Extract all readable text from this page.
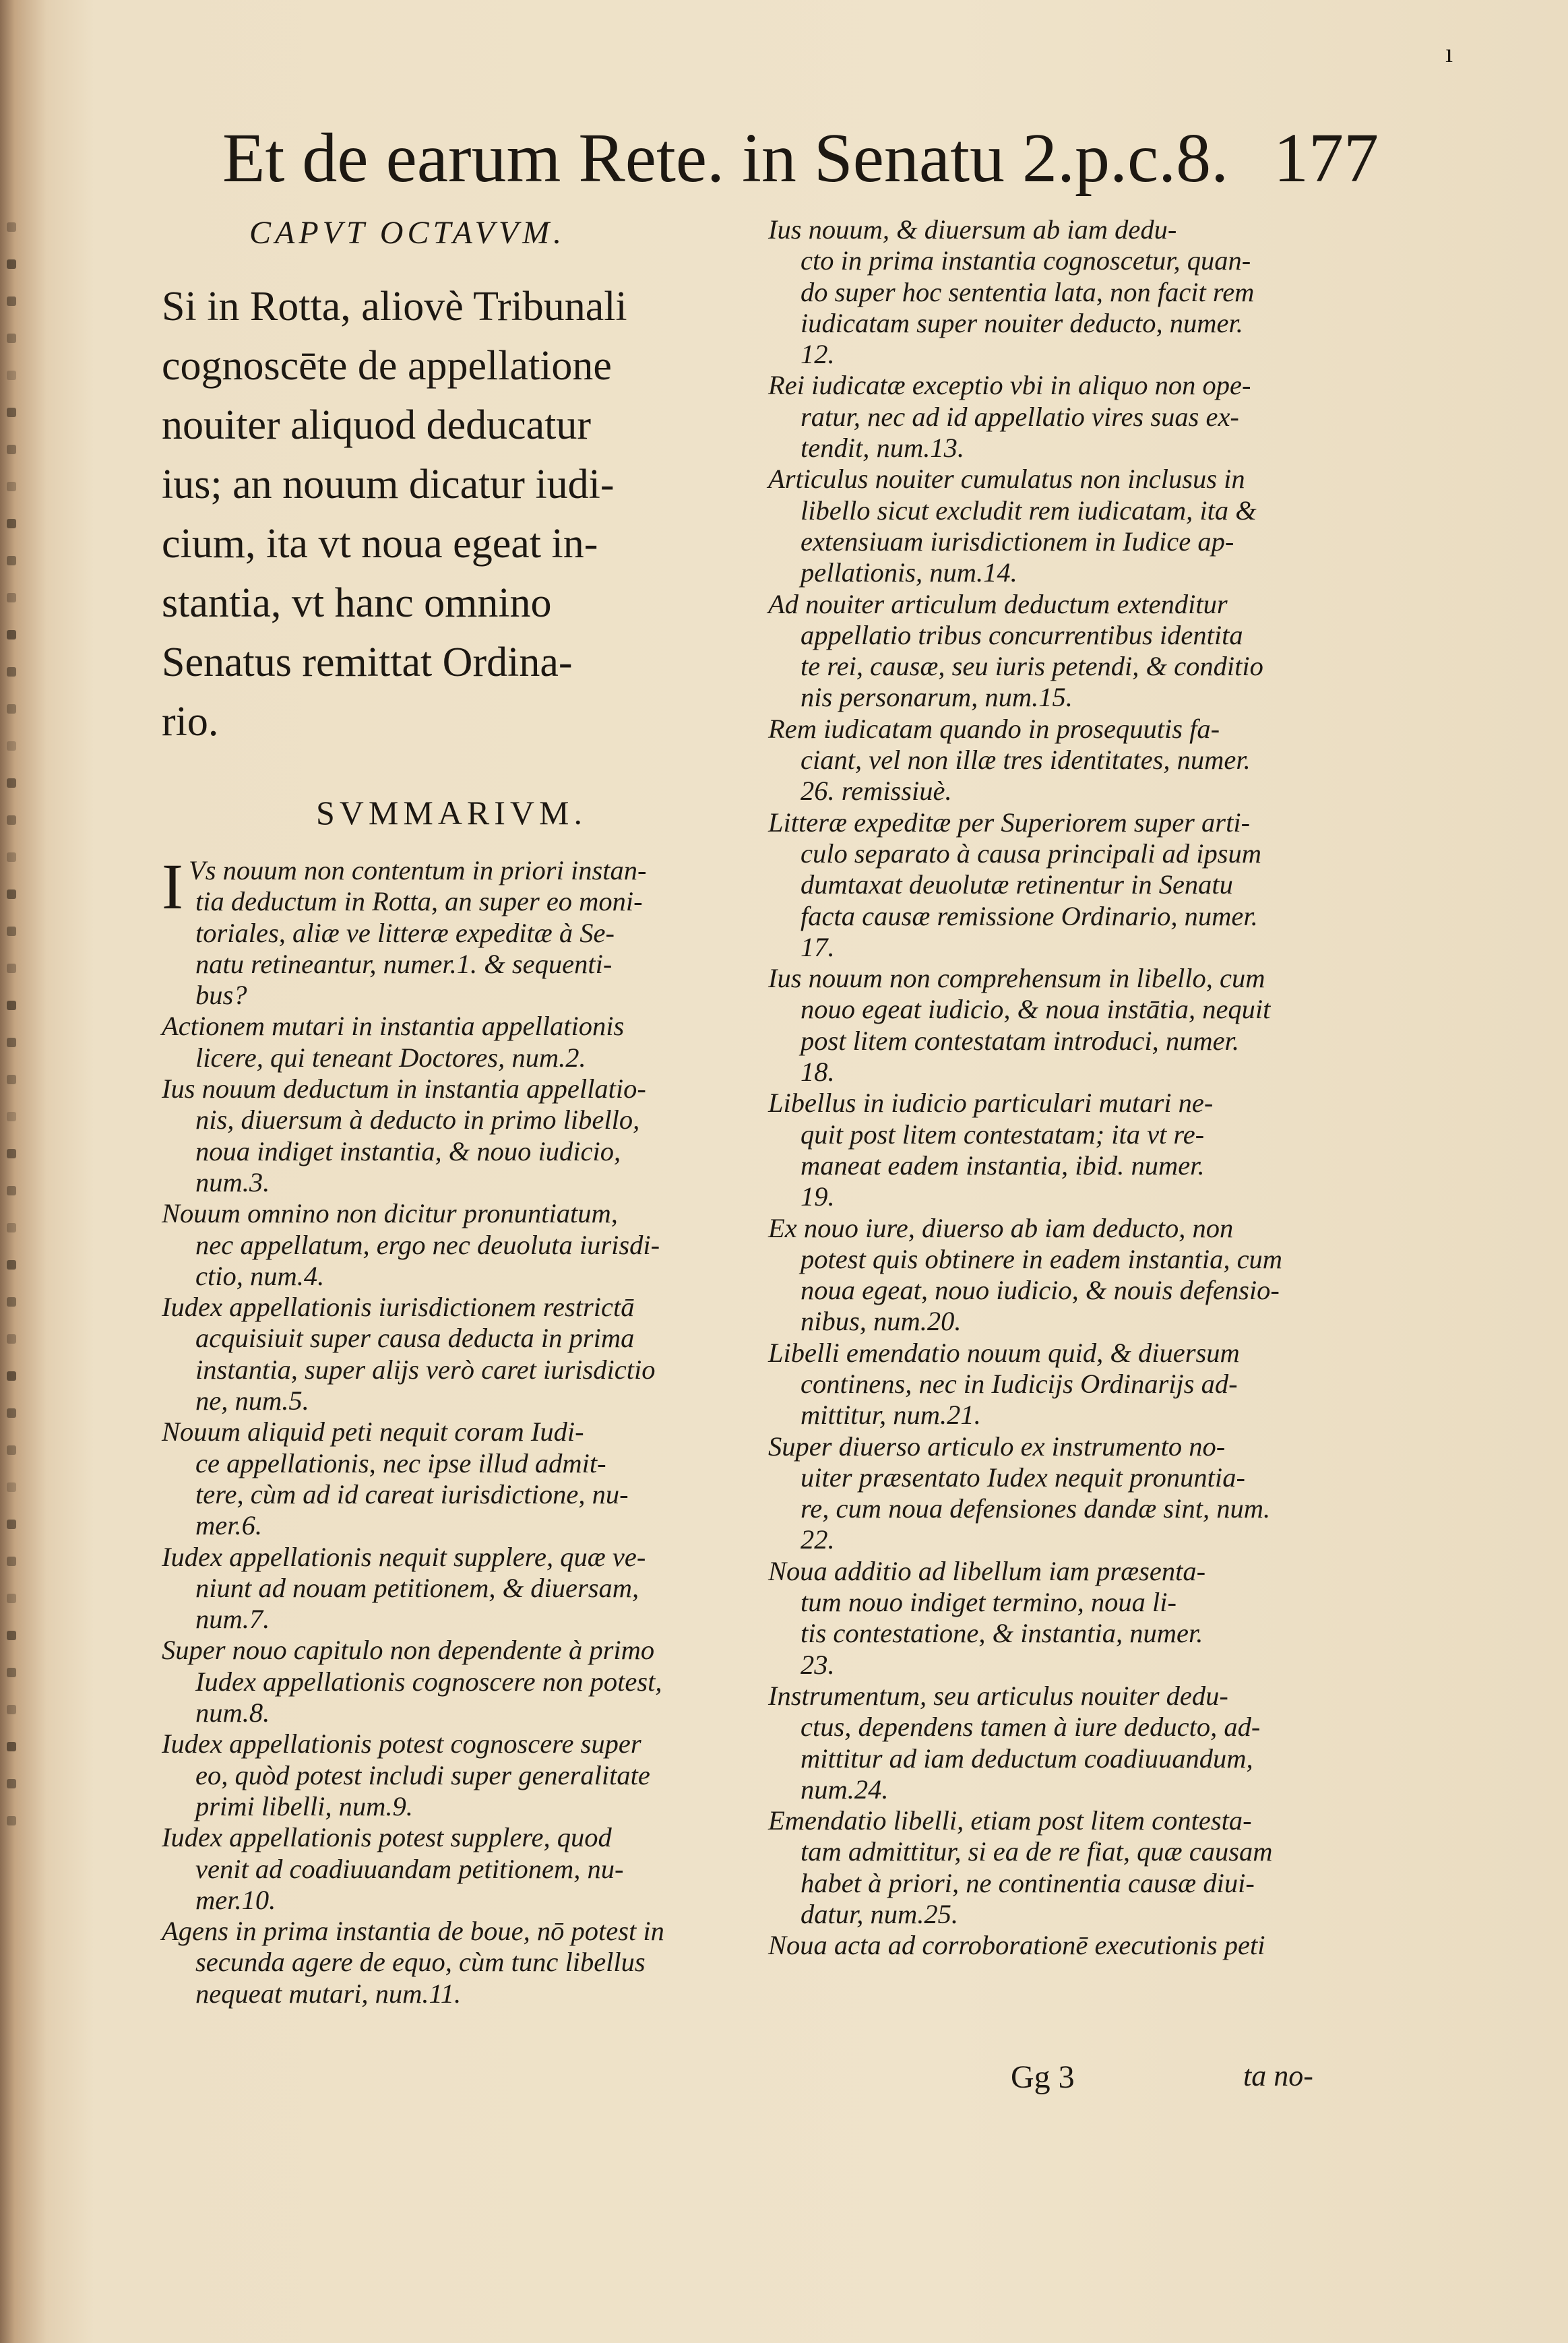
Et de earum Rete. in Senatu 2.p.c.8. 177
ı
CAPVT OCTAVVM.
Si in Rotta, aliovè Tribunali
cognoscēte de appellatione
nouiter aliquod deducatur
ius; an nouum dicatur iudi-
cium, ita vt noua egeat in-
stantia, vt hanc omnino
Senatus remittat Ordina-
rio.
SVMMARIVM.
I Vs nouum non contentum in priori instan-
tia deductum in Rotta, an super eo moni-
toriales, aliæ ve litteræ expeditæ à Se-
natu retineantur, numer.1. & sequenti-
bus?
Actionem mutari in instantia appellationis
licere, qui teneant Doctores, num.2.
Ius nouum deductum in instantia appellatio-
nis, diuersum à deducto in primo libello,
noua indiget instantia, & nouo iudicio,
num.3.
Nouum omnino non dicitur pronuntiatum,
nec appellatum, ergo nec deuoluta iurisdi-
ctio, num.4.
Iudex appellationis iurisdictionem restrictā
acquisiuit super causa deducta in prima
instantia, super alijs verò caret iurisdictio
ne, num.5.
Nouum aliquid peti nequit coram Iudi-
ce appellationis, nec ipse illud admit-
tere, cùm ad id careat iurisdictione, nu-
mer.6.
Iudex appellationis nequit supplere, quæ ve-
niunt ad nouam petitionem, & diuersam,
num.7.
Super nouo capitulo non dependente à primo
Iudex appellationis cognoscere non potest,
num.8.
Iudex appellationis potest cognoscere super
eo, quòd potest includi super generalitate
primi libelli, num.9.
Iudex appellationis potest supplere, quod
venit ad coadiuuandam petitionem, nu-
mer.10.
Agens in prima instantia de boue, nō potest in
secunda agere de equo, cùm tunc libellus
nequeat mutari, num.11.
Ius nouum, & diuersum ab iam dedu-
cto in prima instantia cognoscetur, quan-
do super hoc sententia lata, non facit rem
iudicatam super nouiter deducto, numer.
12.
Rei iudicatæ exceptio vbi in aliquo non ope-
ratur, nec ad id appellatio vires suas ex-
tendit, num.13.
Articulus nouiter cumulatus non inclusus in
libello sicut excludit rem iudicatam, ita &
extensiuam iurisdictionem in Iudice ap-
pellationis, num.14.
Ad nouiter articulum deductum extenditur
appellatio tribus concurrentibus identita
te rei, causæ, seu iuris petendi, & conditio
nis personarum, num.15.
Rem iudicatam quando in prosequutis fa-
ciant, vel non illæ tres identitates, numer.
26. remissiuè.
Litteræ expeditæ per Superiorem super arti-
culo separato à causa principali ad ipsum
dumtaxat deuolutæ retinentur in Senatu
facta causæ remissione Ordinario, numer.
17.
Ius nouum non comprehensum in libello, cum
nouo egeat iudicio, & noua instātia, nequit
post litem contestatam introduci, numer.
18.
Libellus in iudicio particulari mutari ne-
quit post litem contestatam; ita vt re-
maneat eadem instantia, ibid. numer.
19.
Ex nouo iure, diuerso ab iam deducto, non
potest quis obtinere in eadem instantia, cum
noua egeat, nouo iudicio, & nouis defensio-
nibus, num.20.
Libelli emendatio nouum quid, & diuersum
continens, nec in Iudicijs Ordinarijs ad-
mittitur, num.21.
Super diuerso articulo ex instrumento no-
uiter præsentato Iudex nequit pronuntia-
re, cum noua defensiones dandæ sint, num.
22.
Noua additio ad libellum iam præsenta-
tum nouo indiget termino, noua li-
tis contestatione, & instantia, numer.
23.
Instrumentum, seu articulus nouiter dedu-
ctus, dependens tamen à iure deducto, ad-
mittitur ad iam deductum coadiuuandum,
num.24.
Emendatio libelli, etiam post litem contesta-
tam admittitur, si ea de re fiat, quæ causam
habet à priori, ne continentia causæ diui-
datur, num.25.
Noua acta ad corroborationē executionis peti
Gg 3	ta no-
